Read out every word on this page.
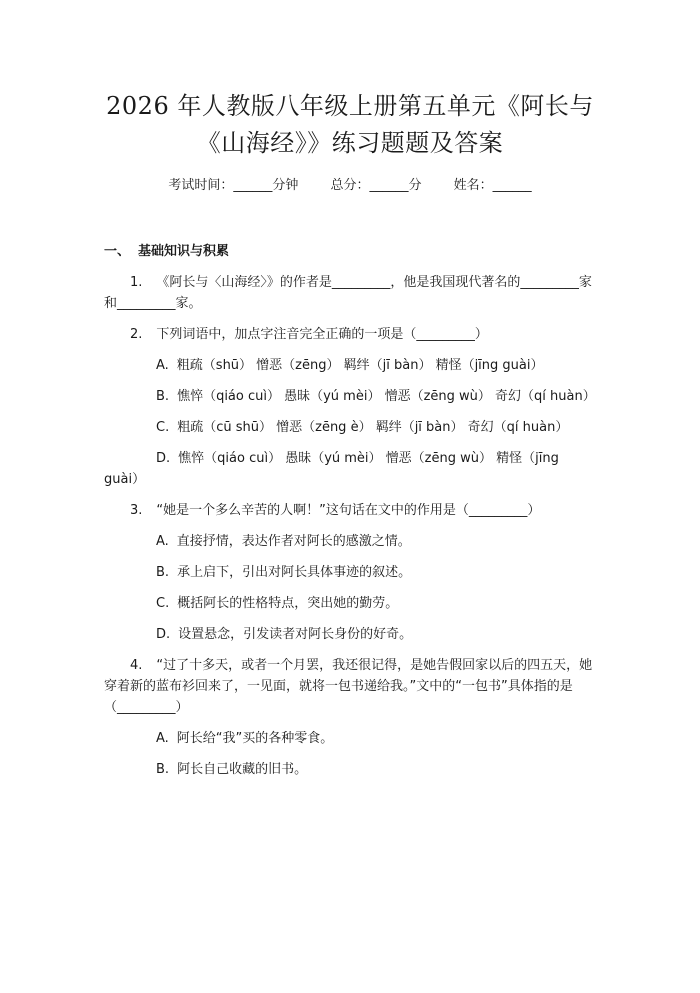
2026 年人教版八年级上册第五单元《阿长与
《山海经》》练习题题及答案
考试时间：______分钟 总分：______分 姓名：______
一、 基础知识与积累
1. 《阿长与〈山海经〉》的作者是_________，他是我国现代著名的_________家和_________家。
2. 下列词语中，加点字注音完全正确的一项是（_________）
A. 粗疏（shū） 憎恶（zēng） 羁绊（jī bàn） 精怪（jīng guài）
B. 憔悴（qiáo cuì） 愚昧（yú mèi） 憎恶（zēng wù） 奇幻（qí huàn）
C. 粗疏（cū shū） 憎恶（zēng è） 羁绊（jī bàn） 奇幻（qí huàn）
D. 憔悴（qiáo cuì） 愚昧（yú mèi） 憎恶（zēng wù） 精怪（jīng guài）
3. “她是一个多么辛苦的人啊！”这句话在文中的作用是（_________）
A. 直接抒情，表达作者对阿长的感激之情。
B. 承上启下，引出对阿长具体事迹的叙述。
C. 概括阿长的性格特点，突出她的勤劳。
D. 设置悬念，引发读者对阿长身份的好奇。
4. “过了十多天，或者一个月罢，我还很记得，是她告假回家以后的四五天，她穿着新的蓝布衫回来了，一见面，就将一包书递给我。”文中的“一包书”具体指的是（_________）
A. 阿长给“我”买的各种零食。
B. 阿长自己收藏的旧书。
